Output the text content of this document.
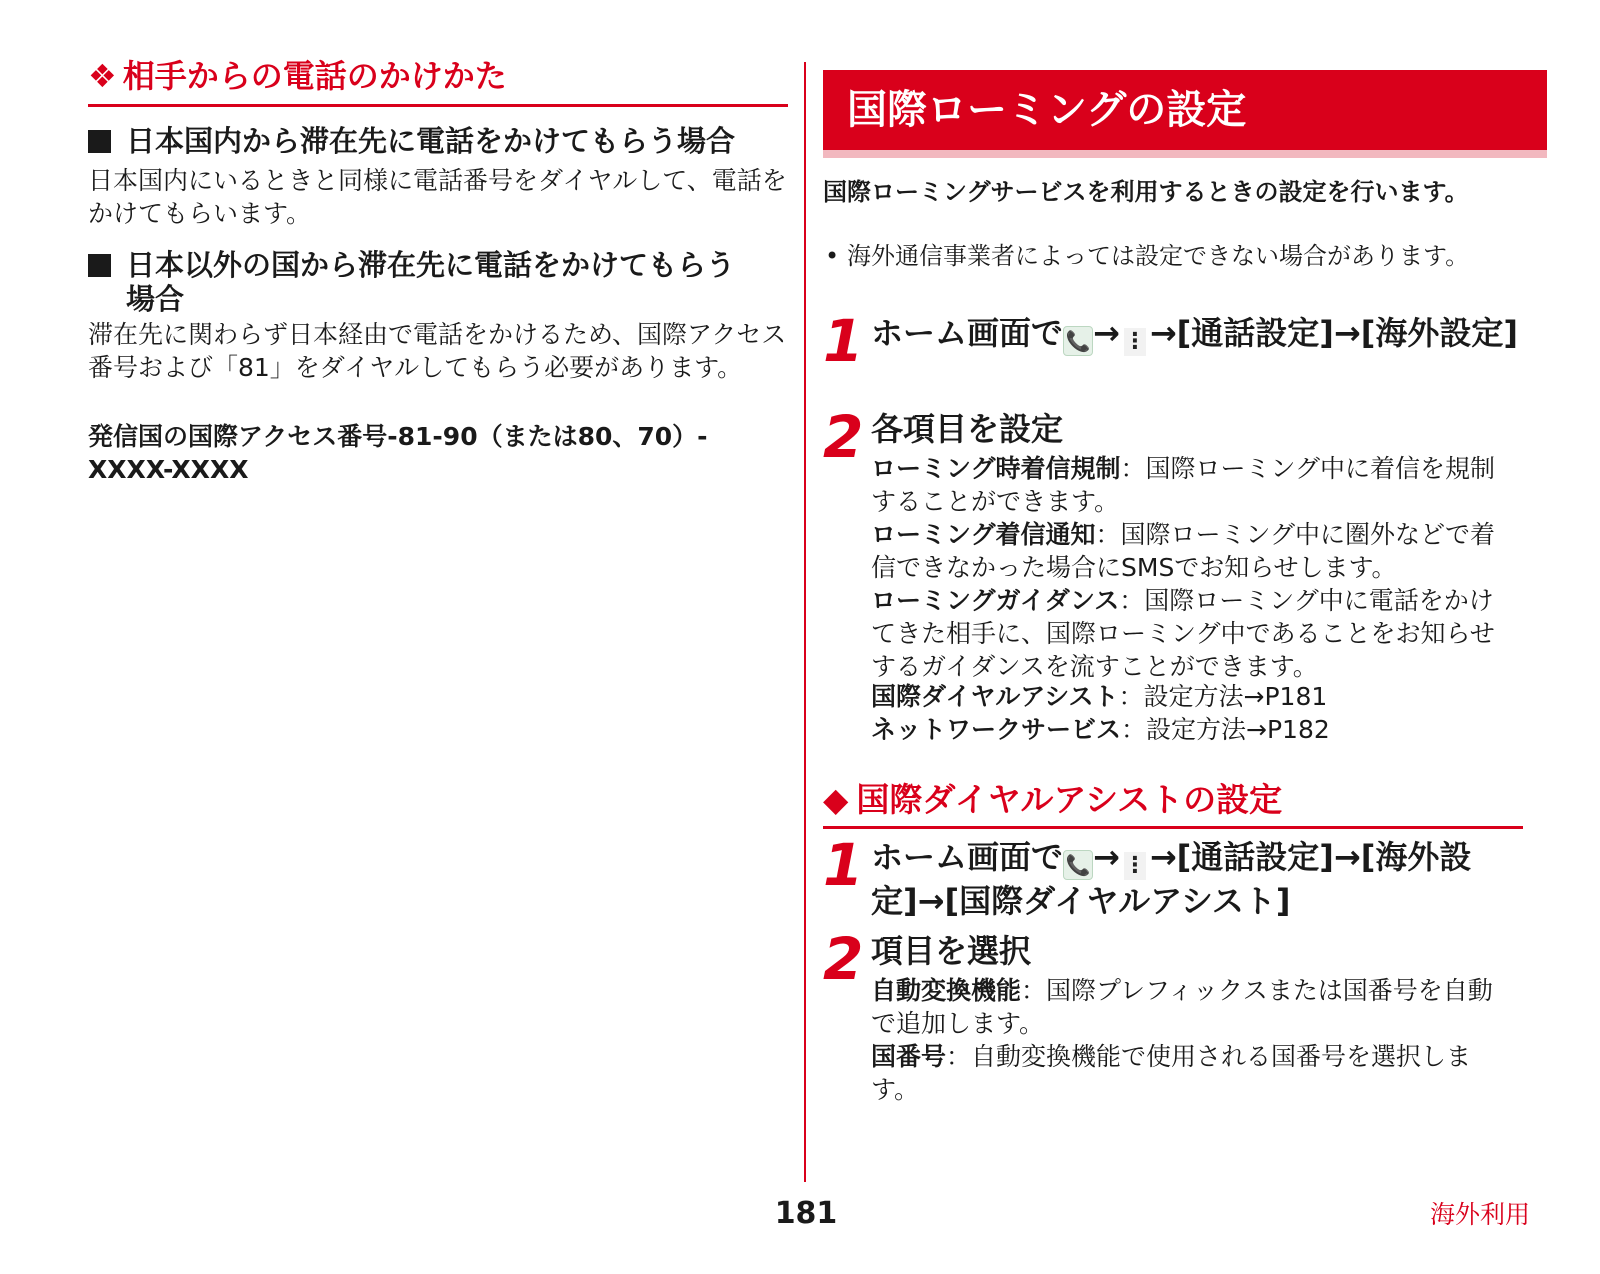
❖ 相手からの電話のかけかた
日本国内から滞在先に電話をかけてもらう場合
日本国内にいるときと同様に電話番号をダイヤルして、電話をかけてもらいます。
日本以外の国から滞在先に電話をかけてもらう場合
滞在先に関わらず日本経由で電話をかけるため、国際アクセス番号および「81」をダイヤルしてもらう必要があります。
発信国の国際アクセス番号-81-90（または80、70）-XXXX-XXXX
国際ローミングの設定
国際ローミングサービスを利用するときの設定を行います。
• 海外通信事業者によっては設定できない場合があります。
1 ホーム画面で 📞→ ⋮ →[通話設定]→[海外設定]
2 各項目を設定
ローミング時着信規制：国際ローミング中に着信を規制することができます。
ローミング着信通知：国際ローミング中に圏外などで着信できなかった場合にSMSでお知らせします。
ローミングガイダンス：国際ローミング中に電話をかけてきた相手に、国際ローミング中であることをお知らせするガイダンスを流すことができます。
国際ダイヤルアシスト：設定方法→P181
ネットワークサービス：設定方法→P182
◆ 国際ダイヤルアシストの設定
1 ホーム画面で 📞→ ⋮ →[通話設定]→[海外設定]→[国際ダイヤルアシスト]
2 項目を選択
自動変換機能：国際プレフィックスまたは国番号を自動で追加します。
国番号：自動変換機能で使用される国番号を選択します。
181	海外利用
